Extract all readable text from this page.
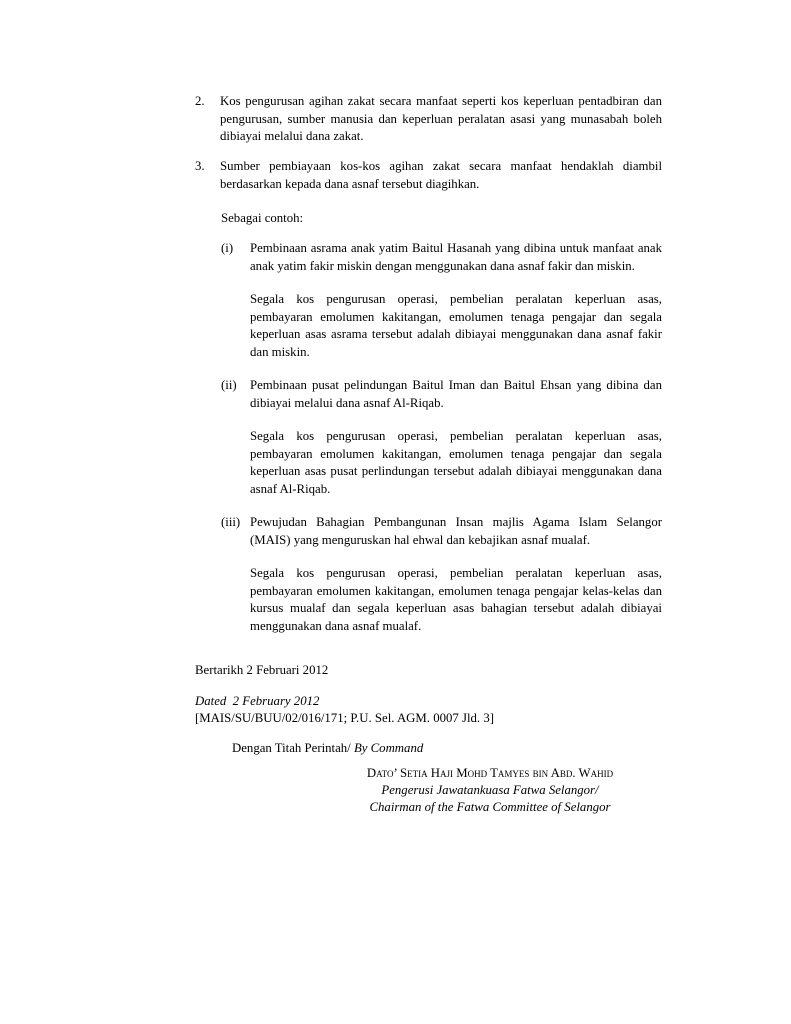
2. Kos pengurusan agihan zakat secara manfaat seperti kos keperluan pentadbiran dan pengurusan, sumber manusia dan keperluan peralatan asasi yang munasabah boleh dibiayai melalui dana zakat.
3. Sumber pembiayaan kos-kos agihan zakat secara manfaat hendaklah diambil berdasarkan kepada dana asnaf tersebut diagihkan.
Sebagai contoh:
(i) Pembinaan asrama anak yatim Baitul Hasanah yang dibina untuk manfaat anak anak yatim fakir miskin dengan menggunakan dana asnaf fakir dan miskin.
Segala kos pengurusan operasi, pembelian peralatan keperluan asas, pembayaran emolumen kakitangan, emolumen tenaga pengajar dan segala keperluan asas asrama tersebut adalah dibiayai menggunakan dana asnaf fakir dan miskin.
(ii) Pembinaan pusat pelindungan Baitul Iman dan Baitul Ehsan yang dibina dan dibiayai melalui dana asnaf Al-Riqab.
Segala kos pengurusan operasi, pembelian peralatan keperluan asas, pembayaran emolumen kakitangan, emolumen tenaga pengajar dan segala keperluan asas pusat perlindungan tersebut adalah dibiayai menggunakan dana asnaf Al-Riqab.
(iii) Pewujudan Bahagian Pembangunan Insan majlis Agama Islam Selangor (MAIS) yang menguruskan hal ehwal dan kebajikan asnaf mualaf.
Segala kos pengurusan operasi, pembelian peralatan keperluan asas, pembayaran emolumen kakitangan, emolumen tenaga pengajar kelas-kelas dan kursus mualaf dan segala keperluan asas bahagian tersebut adalah dibiayai menggunakan dana asnaf mualaf.
Bertarikh 2 Februari 2012
Dated  2 February 2012
[MAIS/SU/BUU/02/016/171; P.U. Sel. AGM. 0007 Jld. 3]
Dengan Titah Perintah/ By Command
Dato’ Setia Haji Mohd Tamyes bin Abd. Wahid
Pengerusi Jawatankuasa Fatwa Selangor/
Chairman of the Fatwa Committee of Selangor
